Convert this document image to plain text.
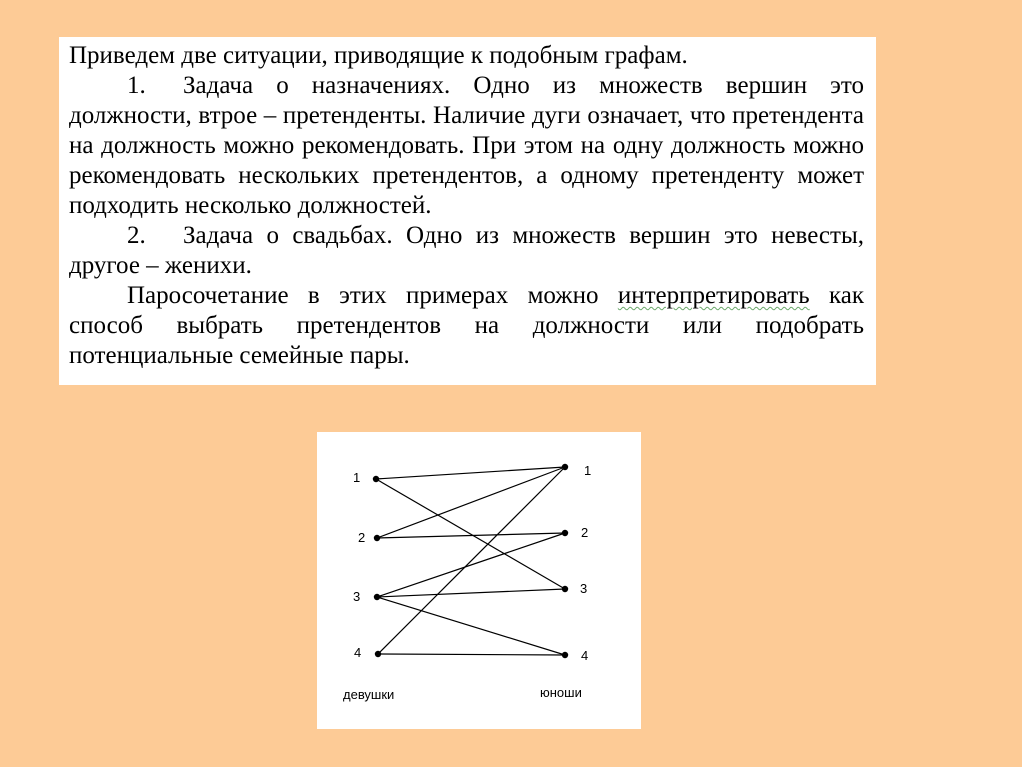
Приведем две ситуации, приводящие к подобным графам.

1. Задача о назначениях. Одно из множеств вершин это должности, втрое – претенденты. Наличие дуги означает, что претендента на должность можно рекомендовать. При этом на одну должность можно рекомендовать нескольких претендентов, а одному претенденту может подходить несколько должностей.

2. Задача о свадьбах. Одно из множеств вершин это невесты, другое – женихи.

Паросочетание в этих примерах можно интерпретировать как способ выбрать претендентов на должности или подобрать потенциальные семейные пары.

1
2
3
4
1
2
3
4
девушки	юноши
